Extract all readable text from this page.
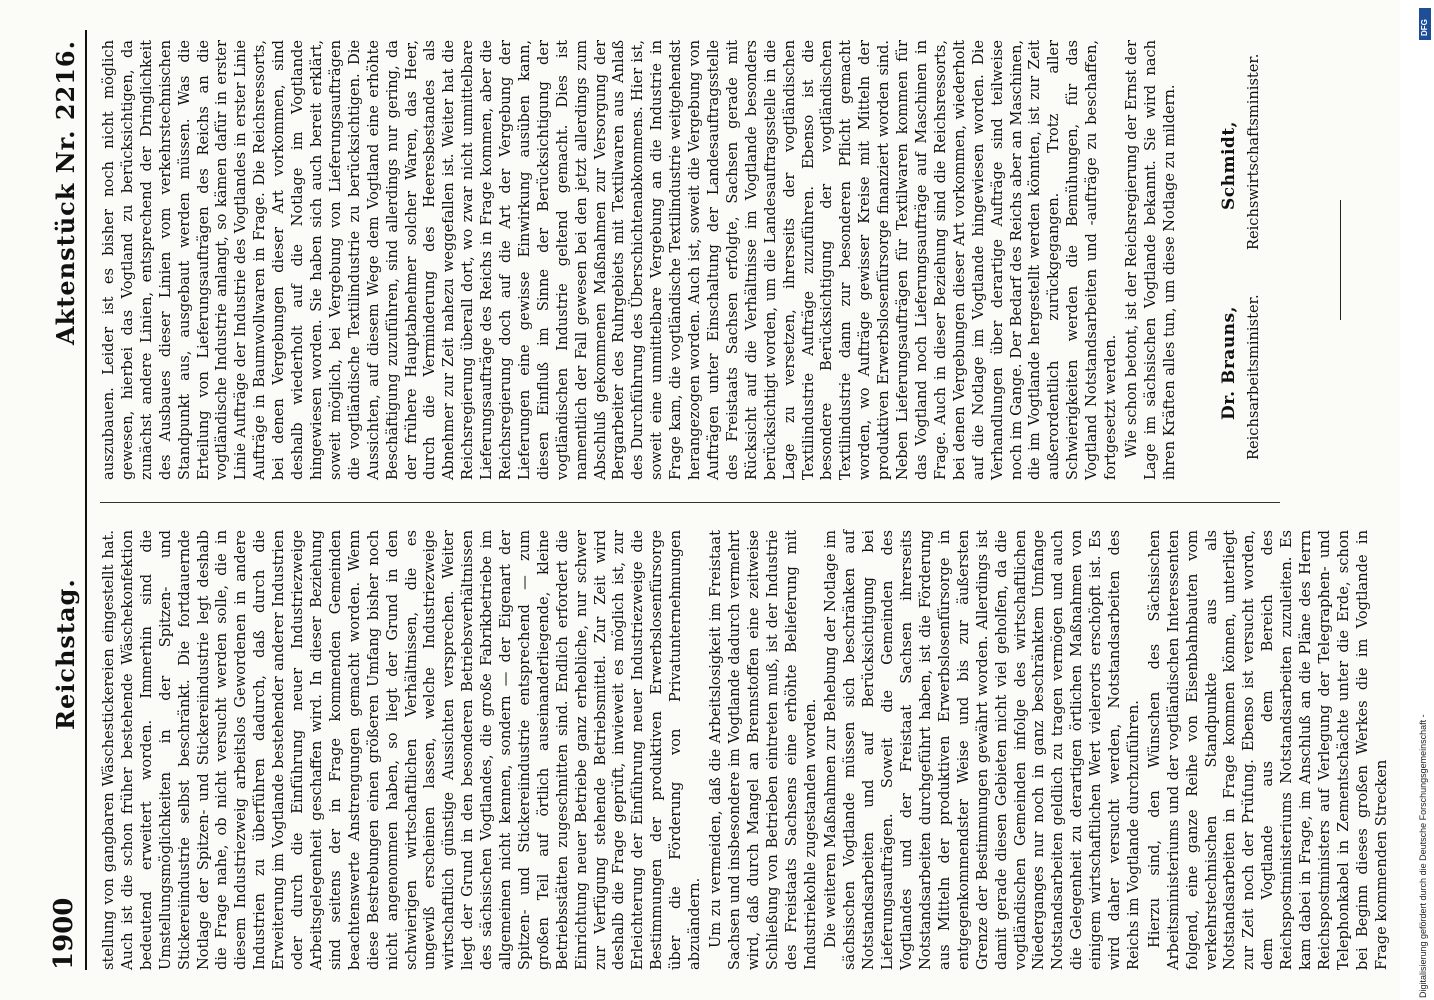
1900
Reichstag.
Aktenstück Nr. 2216.

stellung von gangbaren Wäschestickereien eingestellt hat. Auch ist die schon früher bestehende Wäschekonfektion bedeutend erweitert worden. Immerhin sind die Umstellungsmöglichkeiten in der Spitzen- und Stickereiindustrie selbst beschränkt. Die fortdauernde Notlage der Spitzen- und Stickereiindustrie legt deshalb die Frage nahe, ob nicht versucht werden solle, die in diesem Industriezweig arbeitslos Gewordenen in andere Industrien zu überführen dadurch, daß durch die Erweiterung im Vogtlande bestehender anderer Industrien oder durch die Einführung neuer Industriezweige Arbeitsgelegenheit geschaffen wird. In dieser Beziehung sind seitens der in Frage kommenden Gemeinden beachtenswerte Anstrengungen gemacht worden. Wenn diese Bestrebungen einen größeren Umfang bisher noch nicht angenommen haben, so liegt der Grund in den schwierigen wirtschaftlichen Verhältnissen, die es ungewiß erscheinen lassen, welche Industriezweige wirtschaftlich günstige Aussichten versprechen. Weiter liegt der Grund in den besonderen Betriebsverhältnissen des sächsischen Vogtlandes, die große Fabrikbetriebe im allgemeinen nicht kennen, sondern — der Eigenart der Spitzen- und Stickereiindustrie entsprechend — zum großen Teil auf örtlich auseinanderliegende, kleine Betriebsstätten zugeschnitten sind. Endlich erfordert die Einrichtung neuer Betriebe ganz erhebliche, nur schwer zur Verfügung stehende Betriebsmittel. Zur Zeit wird deshalb die Frage geprüft, inwieweit es möglich ist, zur Erleichterung der Einführung neuer Industriezweige die Bestimmungen der produktiven Erwerbslosenfürsorge über die Förderung von Privatunternehmungen abzuändern. Um zu vermeiden, daß die Arbeitslosigkeit im Freistaat Sachsen und insbesondere im Vogtlande dadurch vermehrt wird, daß durch Mangel an Brennstoffen eine zeitweise Schließung von Betrieben eintreten muß, ist der Industrie des Freistaats Sachsens eine erhöhte Belieferung mit Industriekohle zugestanden worden. Die weiteren Maßnahmen zur Behebung der Notlage im sächsischen Vogtlande müssen sich beschränken auf Notstandsarbeiten und auf Berücksichtigung bei Lieferungsaufträgen. Soweit die Gemeinden des Vogtlandes und der Freistaat Sachsen ihrerseits Notstandsarbeiten durchgeführt haben, ist die Förderung aus Mitteln der produktiven Erwerbslosenfürsorge in entgegenkommendster Weise und bis zur äußersten Grenze der Bestimmungen gewährt worden. Allerdings ist damit gerade diesen Gebieten nicht viel geholfen, da die vogtländischen Gemeinden infolge des wirtschaftlichen Niederganges nur noch in ganz beschränktem Umfange Notstandsarbeiten geldlich zu tragen vermögen und auch die Gelegenheit zu derartigen örtlichen Maßnahmen von einigem wirtschaftlichen Wert vielerorts erschöpft ist. Es wird daher versucht werden, Notstandsarbeiten des Reichs im Vogtlande durchzuführen. Hierzu sind, den Wünschen des Sächsischen Arbeitsministeriums und der vogtländischen Interessenten folgend, eine ganze Reihe von Eisenbahnbauten vom verkehrstechnischen Standpunkte aus als Notstandsarbeiten in Frage kommen können, unterliegt zur Zeit noch der Prüfung. Ebenso ist versucht worden, dem Vogtlande aus dem Bereich des Reichspostministeriums Notstandsarbeiten zuzuleiten. Es kam dabei in Frage, im Anschluß an die Pläne des Herrn Reichspostministers auf Verlegung der Telegraphen- und Telephonkabel in Zementschächte unter die Erde, schon bei Beginn dieses großen Werkes die im Vogtlande in Frage kommenden Strecken

auszubauen. Leider ist es bisher noch nicht möglich gewesen, hierbei das Vogtland zu berücksichtigen, da zunächst andere Linien, entsprechend der Dringlichkeit des Ausbaues dieser Linien vom verkehrstechnischen Standpunkt aus, ausgebaut werden müssen. Was die Erteilung von Lieferungsaufträgen des Reichs an die vogtländische Industrie anlangt, so kämen dafür in erster Linie Aufträge der Industrie des Vogtlandes in erster Linie Aufträge in Baumwollwaren in Frage. Die Reichsressorts, bei denen Vergebungen dieser Art vorkommen, sind deshalb wiederholt auf die Notlage im Vogtlande hingewiesen worden. Sie haben sich auch bereit erklärt, soweit möglich, bei Vergebung von Lieferungsaufträgen die vogtländische Textilindustrie zu berücksichtigen. Die Aussichten, auf diesem Wege dem Vogtland eine erhöhte Beschäftigung zuzuführen, sind allerdings nur gering, da der frühere Hauptabnehmer solcher Waren, das Heer, durch die Verminderung des Heeresbestandes als Abnehmer zur Zeit nahezu weggefallen ist. Weiter hat die Reichsregierung überall dort, wo zwar nicht unmittelbare Lieferungsaufträge des Reichs in Frage kommen, aber die Reichsregierung doch auf die Art der Vergebung der Lieferungen eine gewisse Einwirkung ausüben kann, diesen Einfluß im Sinne der Berücksichtigung der vogtländischen Industrie geltend gemacht. Dies ist namentlich der Fall gewesen bei den jetzt allerdings zum Abschluß gekommenen Maßnahmen zur Versorgung der Bergarbeiter des Ruhrgebiets mit Textilwaren aus Anlaß des Durchführung des Überschichtenabkommens. Hier ist, soweit eine unmittelbare Vergebung an die Industrie in Frage kam, die vogtländische Textilindustrie weitgehendst herangezogen worden. Auch ist, soweit die Vergebung von Aufträgen unter Einschaltung der Landesauftragsstelle des Freistaats Sachsen erfolgte, Sachsen gerade mit Rücksicht auf die Verhältnisse im Vogtlande besonders berücksichtigt worden, um die Landesauftragsstelle in die Lage zu versetzen, ihrerseits der vogtländischen Textilindustrie Aufträge zuzuführen. Ebenso ist die besondere Berücksichtigung der vogtländischen Textilindustrie dann zur besonderen Pflicht gemacht worden, wo Aufträge gewisser Kreise mit Mitteln der produktiven Erwerbslosenfürsorge finanziert worden sind. Neben Lieferungsaufträgen für Textilwaren kommen für das Vogtland noch Lieferungsaufträge auf Maschinen in Frage. Auch in dieser Beziehung sind die Reichsressorts, bei denen Vergebungen dieser Art vorkommen, wiederholt auf die Notlage im Vogtlande hingewiesen worden. Die Verhandlungen über derartige Aufträge sind teilweise noch im Gange. Der Bedarf des Reichs aber an Maschinen, die im Vogtlande hergestellt werden könnten, ist zur Zeit außerordentlich zurückgegangen. Trotz aller Schwierigkeiten werden die Bemühungen, für das Vogtland Notstandsarbeiten und -aufträge zu beschaffen, fortgesetzt werden. Wie schon betont, ist der Reichsregierung der Ernst der Lage im sächsischen Vogtlande bekannt. Sie wird nach ihren Kräften alles tun, um diese Notlage zu mildern. Dr. Brauns, Reichsarbeitsminister.
Schmidt, Reichswirtschaftsminister.
Digitalisierung gefördert durch die Deutsche Forschungsgemeinschaft -
DFG
